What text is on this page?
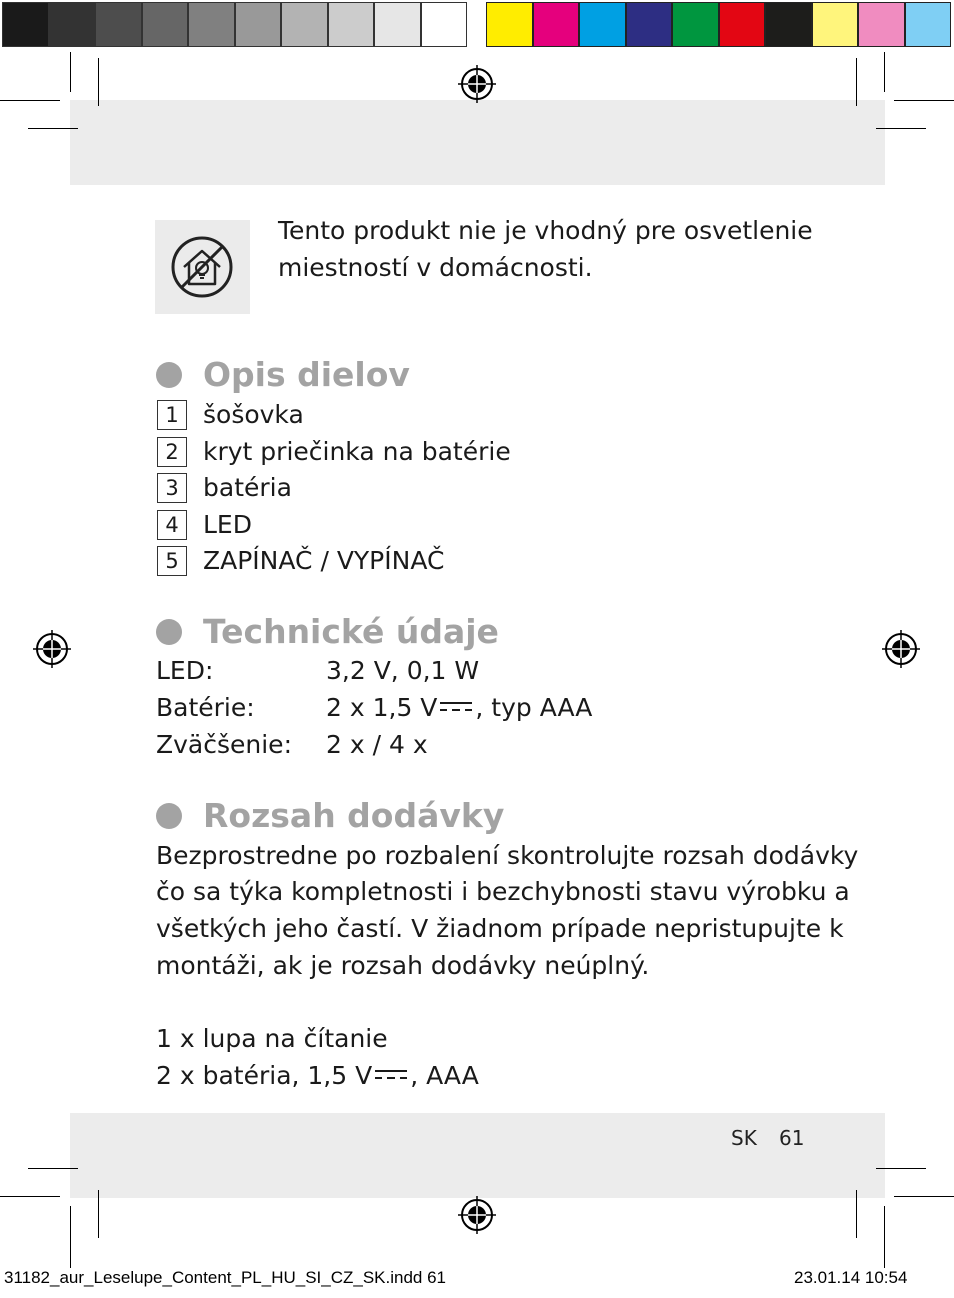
Tento produkt nie je vhodný pre osvetlenie
miestností v domácnosti.
Opis dielov
1 šošovka
2 kryt priečinka na batérie
3 batéria
4 LED
5 ZAPÍNAČ / VYPÍNAČ
Technické údaje
LED:	3,2 V, 0,1 W
Batérie:	2 x 1,5 V , typ AAA
Zväčšenie: 2 x / 4 x
Rozsah dodávky
Bezprostredne po rozbalení skontrolujte rozsah dodávky
čo sa týka kompletnosti i bezchybnosti stavu výrobku a
všetkých jeho častí. V žiadnom prípade nepristupujte k
montáži, ak je rozsah dodávky neúplný.
1 x lupa na čítanie
2 x batéria, 1,5 V , AAA
SK 61
31182_aur_Leselupe_Content_PL_HU_SI_CZ_SK.indd 61	23.01.14 10:54
